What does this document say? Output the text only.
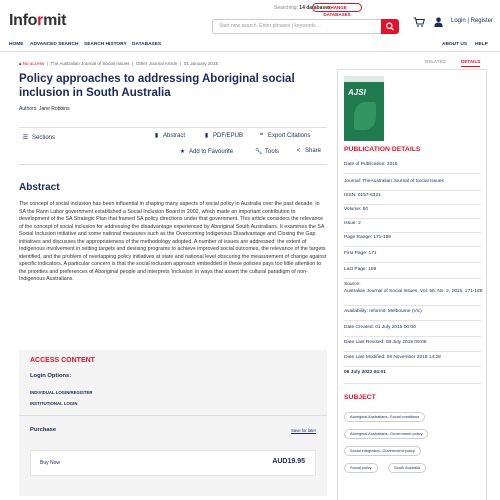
Informit
Searching: 14 databases
CHANGE DATABASES
Start new search. Enter phrases | keywords ...
Login | Register
HOME ADVANCED SEARCH SEARCH HISTORY DATABASES	ABOUT US HELP
🔒︎ No access  |  The Australian Journal of Social Issues  |  Other Journal Article  |  01 January 2015
Policy approaches to addressing Aboriginal social inclusion in South Australia
Authors: Jane Robbins
☰ Sections	▮ Abstract	▮ PDF/EPUB	❝ Export Citations
★ Add to Favourite	🔧︎ Tools	< Share
Abstract
The concept of social inclusion has been influential in shaping many aspects of social policy in Australia over the past decade. In SA the Rann Labor government established a Social Inclusion Board in 2002, which made an important contribution to development of the SA Strategic Plan that framed SA policy directions under that government. This article considers the relevance of the concept of social inclusion for addressing the disadvantage experienced by Aboriginal South Australians. It examines the SA Social Inclusion initiative and some national measures such as the Overcoming Indigenous Disadvantage and Closing the Gap initiatives and discusses the appropriateness of the methodology adopted. A number of issues are addressed: the extent of Indigenous involvement in setting targets and devising programs to achieve improved social outcomes, the relevance of the targets identified, and the problem of overlapping policy initiatives at state and national level obscuring the measurement of change against specific indicators. A particular concern is that the social inclusion approach embedded in these policies pays too little attention to the priorities and preferences of Aboriginal people and interprets 'inclusion' in ways that assert the cultural paradigm of non-Indigenous Australians.
ACCESS CONTENT
Login Options:
INDIVIDUAL LOGIN/REGISTER
INSTITUTIONAL LOGIN
Purchase	Save for later
Buy Now	AUD19.95
RELATED	DETAILS
AJSI
PUBLICATION DETAILS
Date of Publication: 2015
Journal: TheAustralian Journal of Social Issues
ISSN: 0157-6321
Volume: 50
Issue: 2
Page Range: 171-189
First Page: 171
Last Page: 189
Source:
Australian Journal of Social Issues, Vol. 50, No. 2, 2015, 171-189
Availability: Informit, Melbourne (Vic)
Date Created: 01 July 2015 00:00
Date Last Revised: 08 July 2015 09:06
Date Last Modified: 08 November 2019 14:28
06 July 2022 04:01
SUBJECT
Aboriginal Australians--Social conditions
Aboriginal Australians--Government policy
Social integration--Government policy
Social policy	South Australia
